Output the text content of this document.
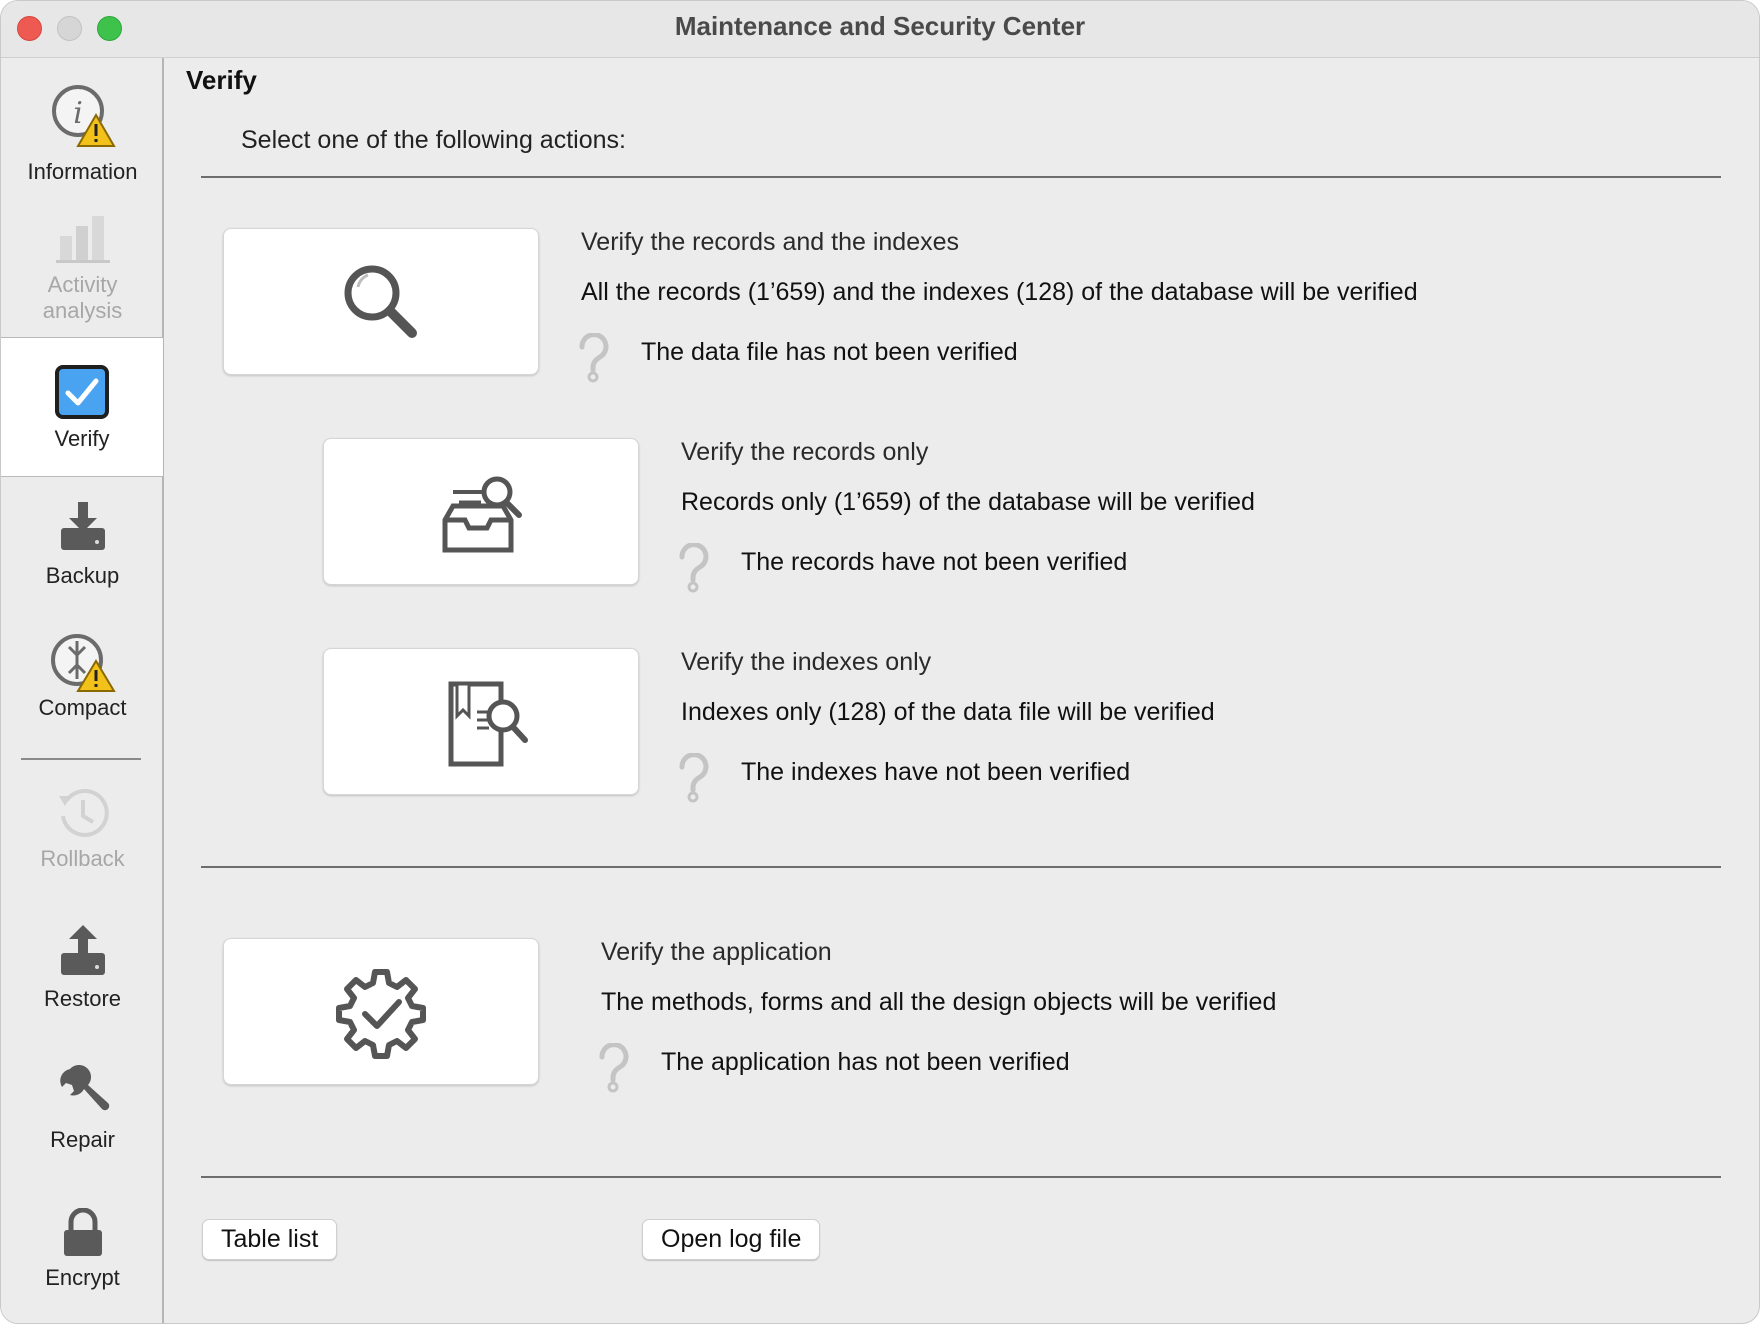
Maintenance and Security Center
i
Information
Activity analysis
Verify
Backup
Compact
Rollback
Restore
Repair
Encrypt
Verify
Select one of the following actions:
Verify the records and the indexes
All the records (1’659) and the indexes (128) of the database will be verified
The data file has not been verified
Verify the records only
Records only (1’659) of the database will be verified
The records have not been verified
Verify the indexes only
Indexes only (128) of the data file will be verified
The indexes have not been verified
Verify the application
The methods, forms and all the design objects will be verified
The application has not been verified
Table list	Open log file
